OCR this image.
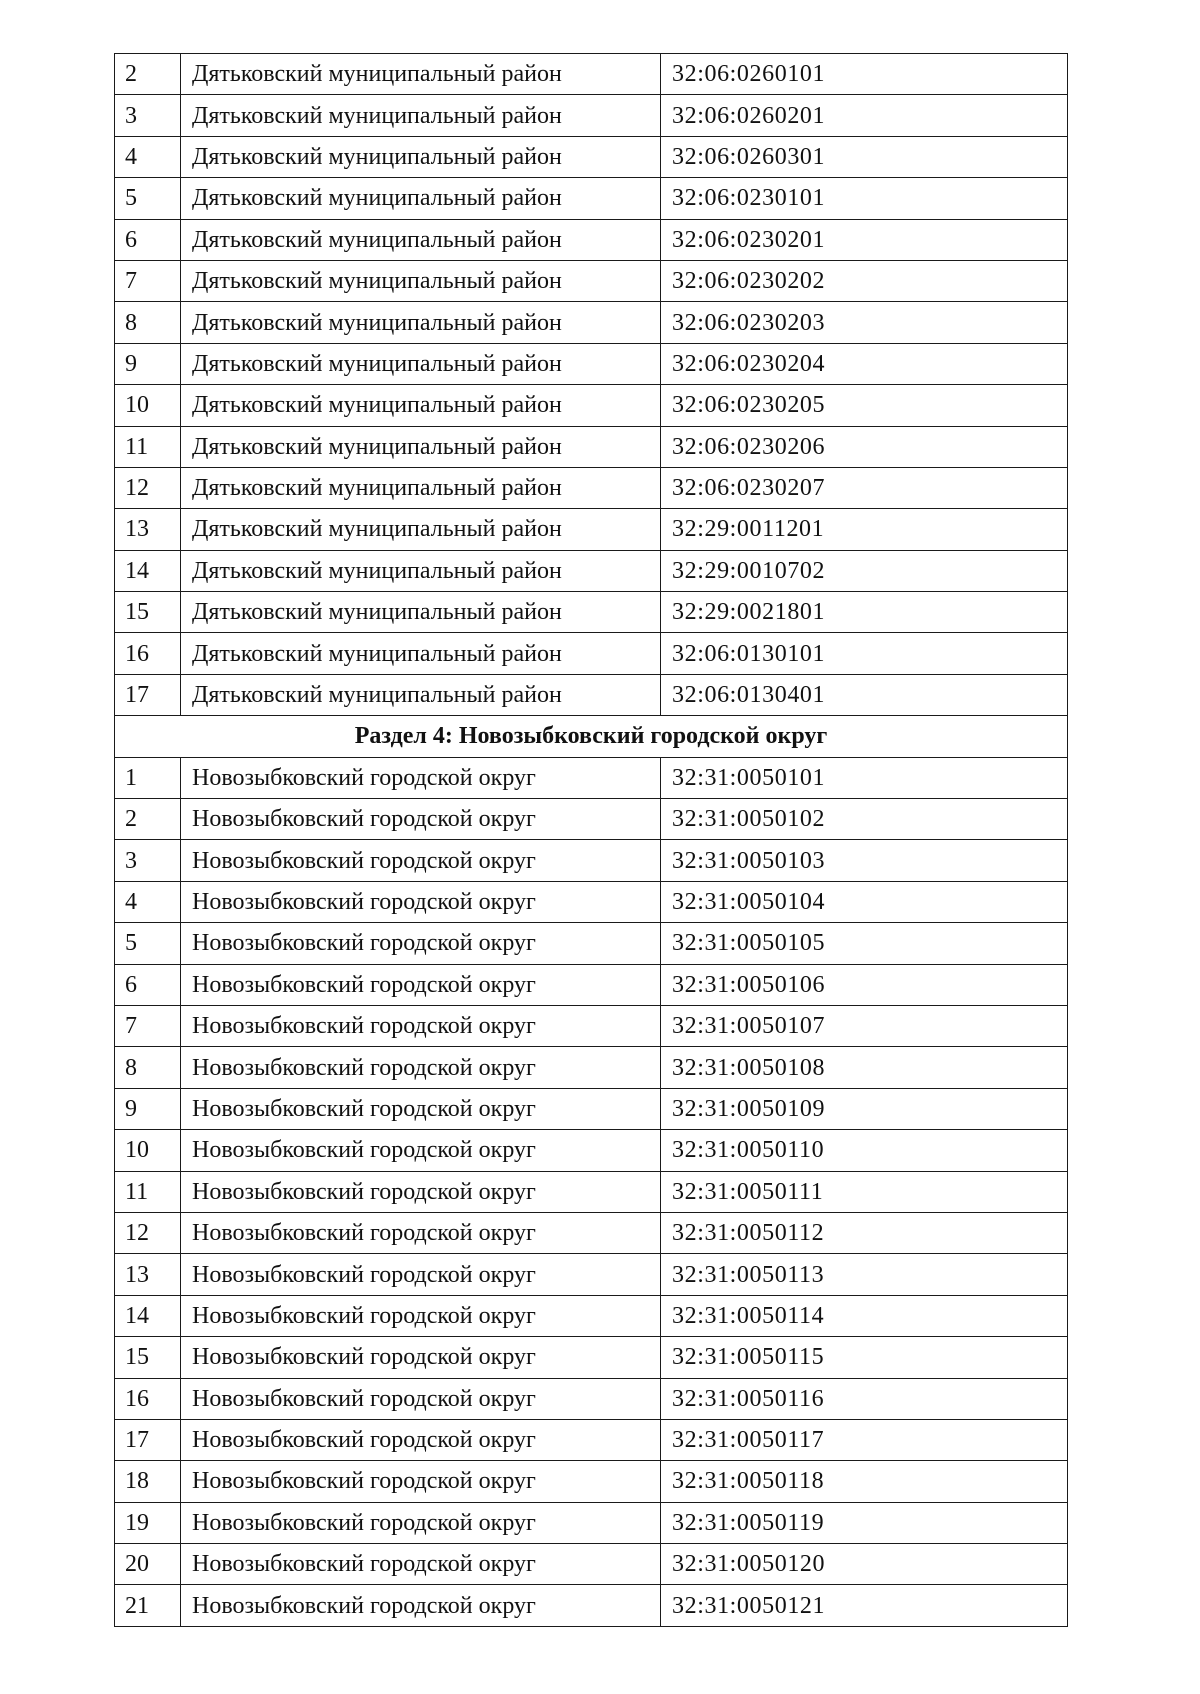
2	Дятьковский муниципальный район	32:06:0260101
3	Дятьковский муниципальный район	32:06:0260201
4	Дятьковский муниципальный район	32:06:0260301
5	Дятьковский муниципальный район	32:06:0230101
6	Дятьковский муниципальный район	32:06:0230201
7	Дятьковский муниципальный район	32:06:0230202
8	Дятьковский муниципальный район	32:06:0230203
9	Дятьковский муниципальный район	32:06:0230204
10	Дятьковский муниципальный район	32:06:0230205
11	Дятьковский муниципальный район	32:06:0230206
12	Дятьковский муниципальный район	32:06:0230207
13	Дятьковский муниципальный район	32:29:0011201
14	Дятьковский муниципальный район	32:29:0010702
15	Дятьковский муниципальный район	32:29:0021801
16	Дятьковский муниципальный район	32:06:0130101
17	Дятьковский муниципальный район	32:06:0130401
Раздел 4: Новозыбковский городской округ		
1	Новозыбковский городской округ	32:31:0050101
2	Новозыбковский городской округ	32:31:0050102
3	Новозыбковский городской округ	32:31:0050103
4	Новозыбковский городской округ	32:31:0050104
5	Новозыбковский городской округ	32:31:0050105
6	Новозыбковский городской округ	32:31:0050106
7	Новозыбковский городской округ	32:31:0050107
8	Новозыбковский городской округ	32:31:0050108
9	Новозыбковский городской округ	32:31:0050109
10	Новозыбковский городской округ	32:31:0050110
11	Новозыбковский городской округ	32:31:0050111
12	Новозыбковский городской округ	32:31:0050112
13	Новозыбковский городской округ	32:31:0050113
14	Новозыбковский городской округ	32:31:0050114
15	Новозыбковский городской округ	32:31:0050115
16	Новозыбковский городской округ	32:31:0050116
17	Новозыбковский городской округ	32:31:0050117
18	Новозыбковский городской округ	32:31:0050118
19	Новозыбковский городской округ	32:31:0050119
20	Новозыбковский городской округ	32:31:0050120
21	Новозыбковский городской округ	32:31:0050121
